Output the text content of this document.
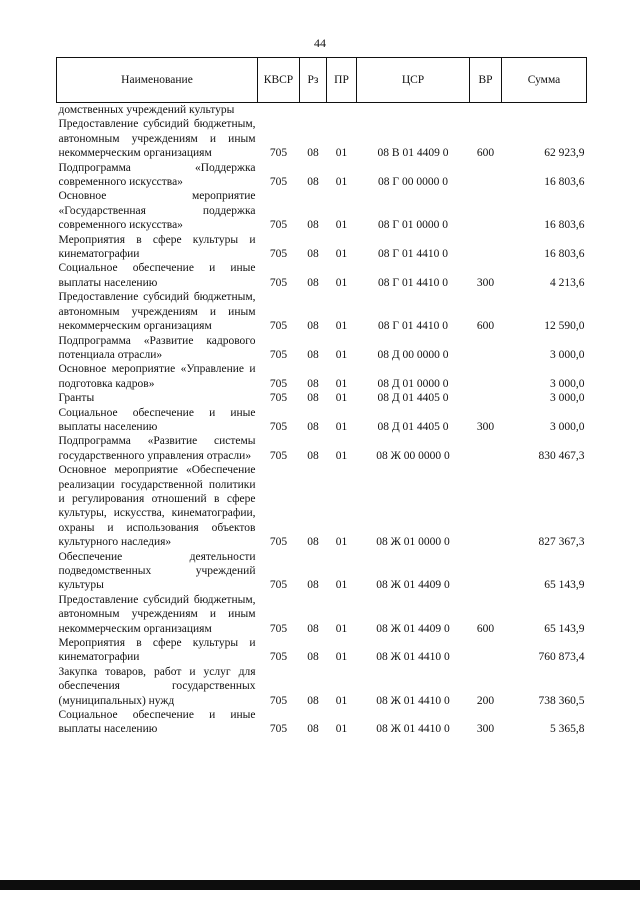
44
Наименование	КВСР	Рз	ПР	ЦСР	ВР	Сумма
домственных учреждений культуры						
Предоставление субсидий бюджетным, автономным учреждениям и иным некоммерческим организациям	705	08	01	08 В 01 4409 0	600	62 923,9
Подпрограмма «Поддержка современного искусства»	705	08	01	08 Г 00 0000 0		16 803,6
Основное мероприятие «Государственная поддержка современного искусства»	705	08	01	08 Г 01 0000 0		16 803,6
Мероприятия в сфере культуры и кинематографии	705	08	01	08 Г 01 4410 0		16 803,6
Социальное обеспечение и иные выплаты населению	705	08	01	08 Г 01 4410 0	300	4 213,6
Предоставление субсидий бюджетным, автономным учреждениям и иным некоммерческим организациям	705	08	01	08 Г 01 4410 0	600	12 590,0
Подпрограмма «Развитие кадрового потенциала отрасли»	705	08	01	08 Д 00 0000 0		3 000,0
Основное мероприятие «Управление и подготовка кадров»	705	08	01	08 Д 01 0000 0		3 000,0
Гранты	705	08	01	08 Д 01 4405 0		3 000,0
Социальное обеспечение и иные выплаты населению	705	08	01	08 Д 01 4405 0	300	3 000,0
Подпрограмма «Развитие системы государственного управления отрасли»	705	08	01	08 Ж 00 0000 0		830 467,3
Основное мероприятие «Обеспечение реализации государственной политики и регулирования отношений в сфере культуры, искусства, кинематографии, охраны и использования объектов культурного наследия»	705	08	01	08 Ж 01 0000 0		827 367,3
Обеспечение деятельности подведомственных учреждений культуры	705	08	01	08 Ж 01 4409 0		65 143,9
Предоставление субсидий бюджетным, автономным учреждениям и иным некоммерческим организациям	705	08	01	08 Ж 01 4409 0	600	65 143,9
Мероприятия в сфере культуры и кинематографии	705	08	01	08 Ж 01 4410 0		760 873,4
Закупка товаров, работ и услуг для обеспечения государственных (муниципальных) нужд	705	08	01	08 Ж 01 4410 0	200	738 360,5
Социальное обеспечение и иные выплаты населению	705	08	01	08 Ж 01 4410 0	300	5 365,8
